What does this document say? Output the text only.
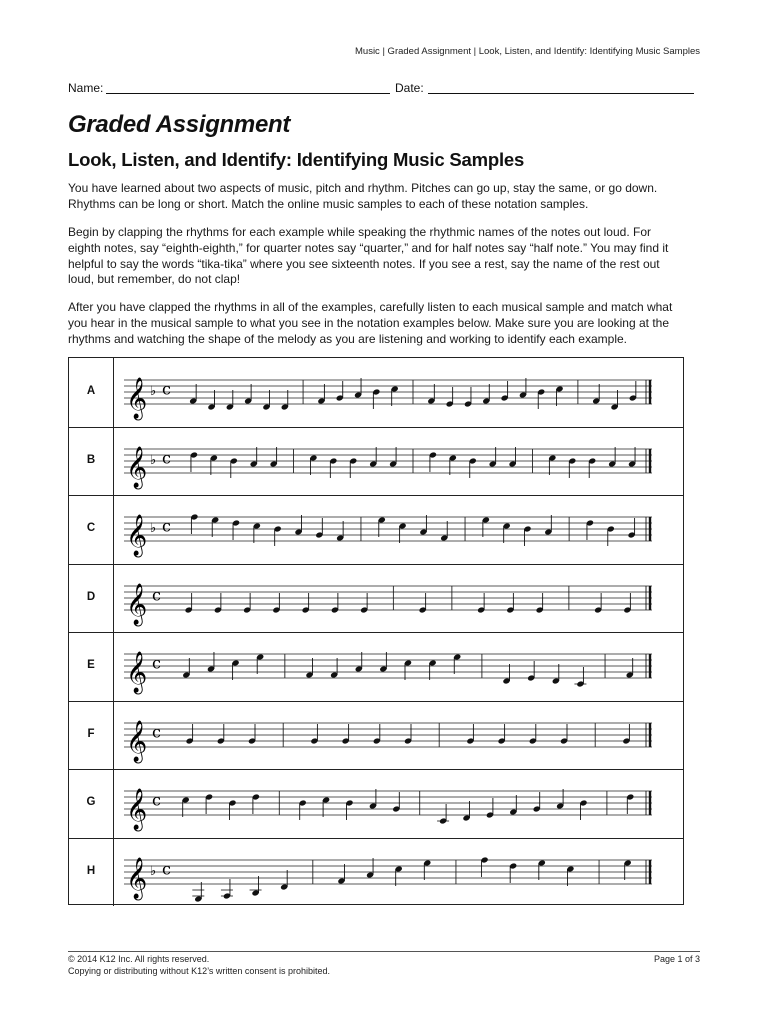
Music | Graded Assignment | Look, Listen, and Identify: Identifying Music Samples
Name:	Date:
Graded Assignment
Look, Listen, and Identify: Identifying Music Samples
You have learned about two aspects of music, pitch and rhythm. Pitches can go up, stay the same, or go down.
Rhythms can be long or short. Match the online music samples to each of these notation samples.
Begin by clapping the rhythms for each example while speaking the rhythmic names of the notes out loud. For
eighth notes, say “eighth-eighth,” for quarter notes say “quarter,” and for half notes say “half note.” You may find it
helpful to say the words “tika-tika” where you see sixteenth notes. If you see a rest, say the name of the rest out
loud, but remember, do not clap!
After you have clapped the rhythms in all of the examples, carefully listen to each musical sample and match what
you hear in the musical sample to what you see in the notation examples below. Make sure you are looking at the
rhythms and watching the shape of the melody as you are listening and working to identify each example.
A 𝄞 ♭ c
B 𝄞 ♭ c
C 𝄞 ♭ c
D 𝄞 c
E 𝄞 c
F 𝄞 c
G 𝄞 c
H 𝄞 ♭ c
© 2014 K12 Inc. All rights reserved.
Copying or distributing without K12’s written consent is prohibited.
Page 1 of 3
